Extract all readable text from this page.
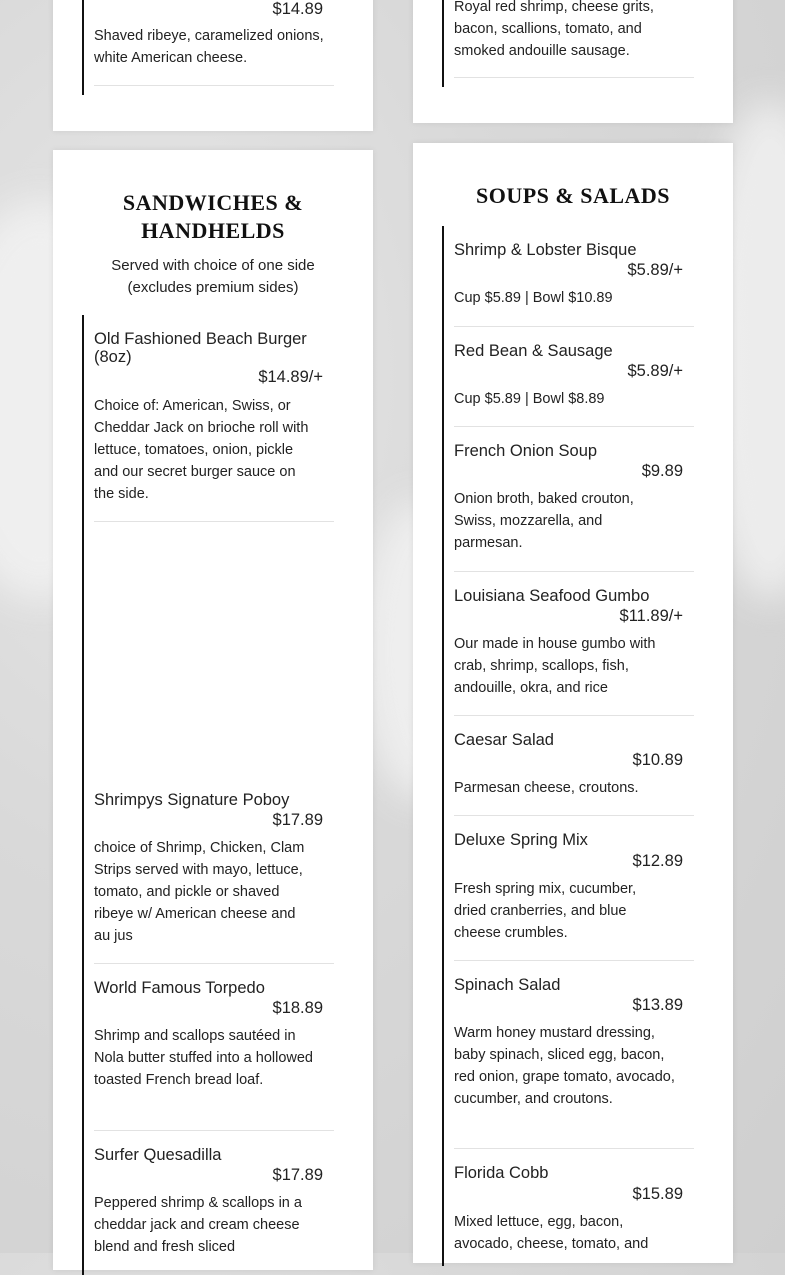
$14.89
Shaved ribeye, caramelized onions, white American cheese.
Royal red shrimp, cheese grits, bacon, scallions, tomato, and smoked andouille sausage.
SANDWICHES & HANDHELDS
Served with choice of one side (excludes premium sides)
Old Fashioned Beach Burger (8oz)
$14.89/+
Choice of: American, Swiss, or Cheddar Jack on brioche roll with lettuce, tomatoes, onion, pickle and our secret burger sauce on the side.
Shrimpys Signature Poboy
$17.89
choice of Shrimp, Chicken, Clam Strips served with mayo, lettuce, tomato, and pickle or shaved ribeye w/ American cheese and au jus
World Famous Torpedo
$18.89
Shrimp and scallops sautéed in Nola butter stuffed into a hollowed toasted French bread loaf.
Surfer Quesadilla
$17.89
Peppered shrimp & scallops in a cheddar jack and cream cheese blend and fresh sliced
SOUPS & SALADS
Shrimp & Lobster Bisque
$5.89/+
Cup $5.89 | Bowl $10.89
Red Bean & Sausage
$5.89/+
Cup $5.89 | Bowl $8.89
French Onion Soup
$9.89
Onion broth, baked crouton, Swiss, mozzarella, and parmesan.
Louisiana Seafood Gumbo
$11.89/+
Our made in house gumbo with crab, shrimp, scallops, fish, andouille, okra, and rice
Caesar Salad
$10.89
Parmesan cheese, croutons.
Deluxe Spring Mix
$12.89
Fresh spring mix, cucumber, dried cranberries, and blue cheese crumbles.
Spinach Salad
$13.89
Warm honey mustard dressing, baby spinach, sliced egg, bacon, red onion, grape tomato, avocado, cucumber, and croutons.
Florida Cobb
$15.89
Mixed lettuce, egg, bacon, avocado, cheese, tomato, and
